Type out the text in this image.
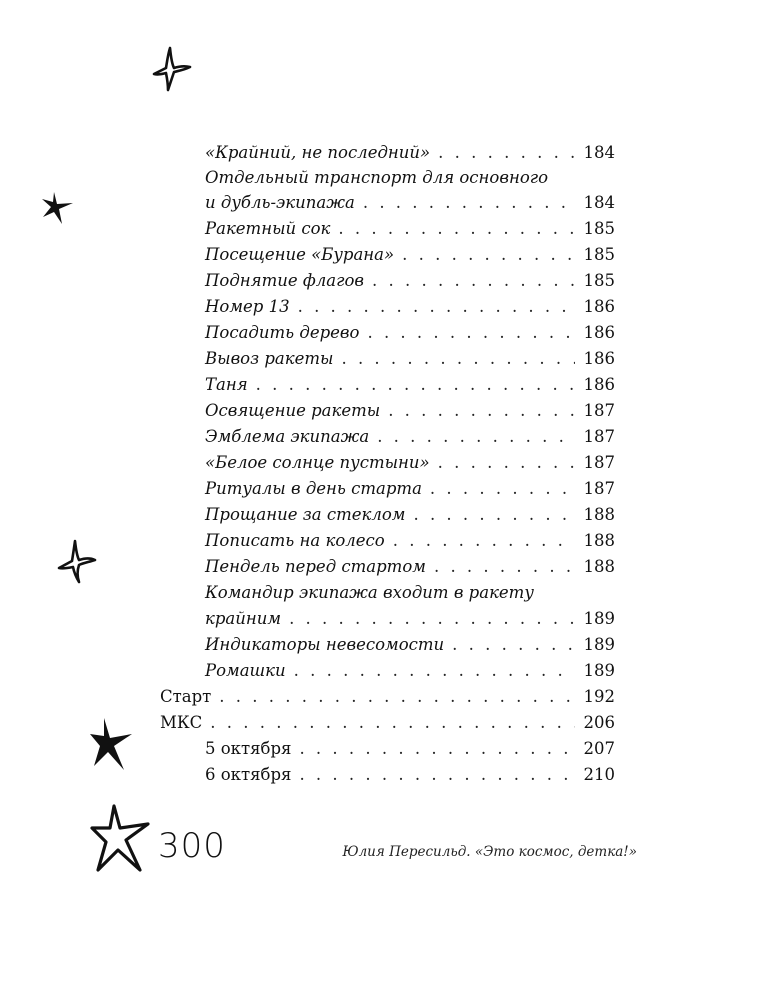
«Крайний, не последний» . . .	184
Отдельный транспорт для основного
и дубль-экипажа . . .	184
Ракетный сок . . .	185
Посещение «Бурана» . . .	185
Поднятие флагов . . .	185
Номер 13 . . .	186
Посадить дерево . . .	186
Вывоз ракеты . . .	186
Таня . . .	186
Освящение ракеты . . .	187
Эмблема экипажа . . .	187
«Белое солнце пустыни» . . .	187
Ритуалы в день старта . . .	187
Прощание за стеклом . . .	188
Пописать на колесо . . .	188
Пендель перед стартом . . .	188
Командир экипажа входит в ракету
крайним . . .	189
Индикаторы невесомости . . .	189
Ромашки . . .	189
Старт . . .	192
МКС . . .	206
5 октября . . .	207
6 октября . . .	210
300	Юлия Пересильд. «Это космос, детка!»
